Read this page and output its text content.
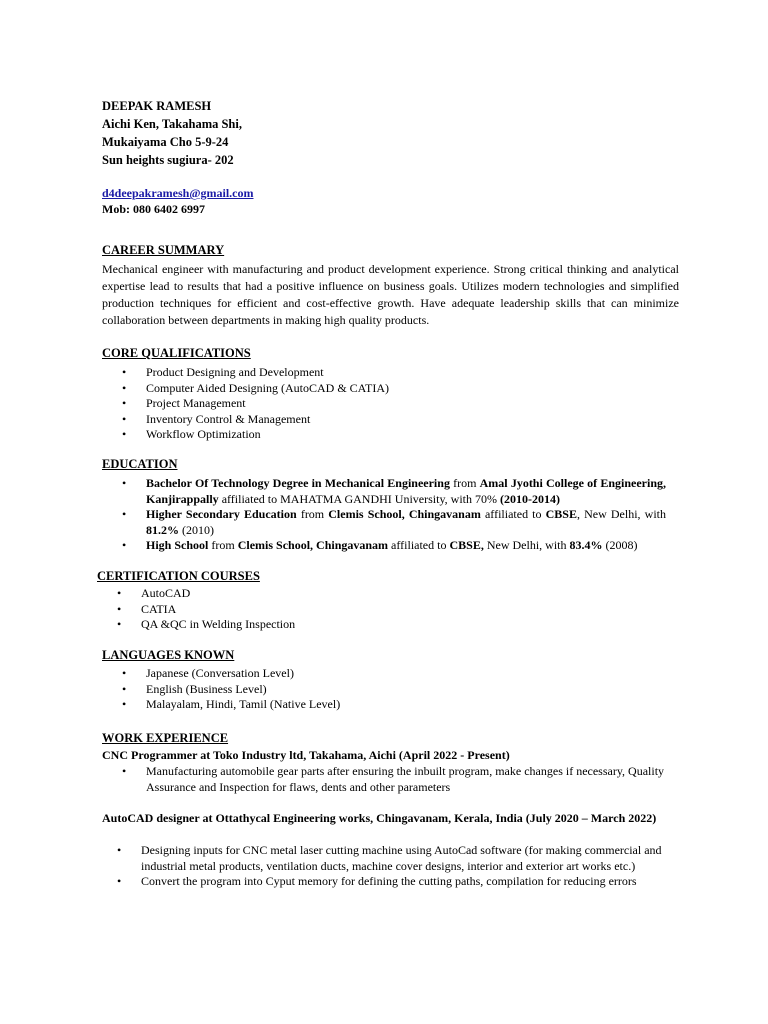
DEEPAK RAMESH
Aichi Ken, Takahama Shi,
Mukaiyama Cho 5-9-24
Sun heights sugiura- 202
d4deepakramesh@gmail.com
Mob: 080 6402 6997
CAREER SUMMARY
Mechanical engineer with manufacturing and product development experience. Strong critical thinking and analytical expertise lead to results that had a positive influence on business goals. Utilizes modern technologies and simplified production techniques for efficient and cost-effective growth. Have adequate leadership skills that can minimize collaboration between departments in making high quality products.
CORE QUALIFICATIONS
• Product Designing and Development
• Computer Aided Designing (AutoCAD & CATIA)
• Project Management
• Inventory Control & Management
• Workflow Optimization
EDUCATION
• Bachelor Of Technology Degree in Mechanical Engineering from Amal Jyothi College of Engineering, Kanjirappally affiliated to MAHATMA GANDHI University, with 70% (2010-2014)
• Higher Secondary Education from Clemis School, Chingavanam affiliated to CBSE, New Delhi, with 81.2% (2010)
• High School from Clemis School, Chingavanam affiliated to CBSE, New Delhi, with 83.4% (2008)
CERTIFICATION COURSES
• AutoCAD
• CATIA
• QA &QC in Welding Inspection
LANGUAGES KNOWN
• Japanese (Conversation Level)
• English (Business Level)
• Malayalam, Hindi, Tamil (Native Level)
WORK EXPERIENCE
CNC Programmer at Toko Industry ltd, Takahama, Aichi (April 2022 - Present)
• Manufacturing automobile gear parts after ensuring the inbuilt program, make changes if necessary, Quality Assurance and Inspection for flaws, dents and other parameters
AutoCAD designer at Ottathycal Engineering works, Chingavanam, Kerala, India (July 2020 – March 2022)
• Designing inputs for CNC metal laser cutting machine using AutoCad software (for making commercial and industrial metal products, ventilation ducts, machine cover designs, interior and exterior art works etc.)
• Convert the program into Cyput memory for defining the cutting paths, compilation for reducing errors
